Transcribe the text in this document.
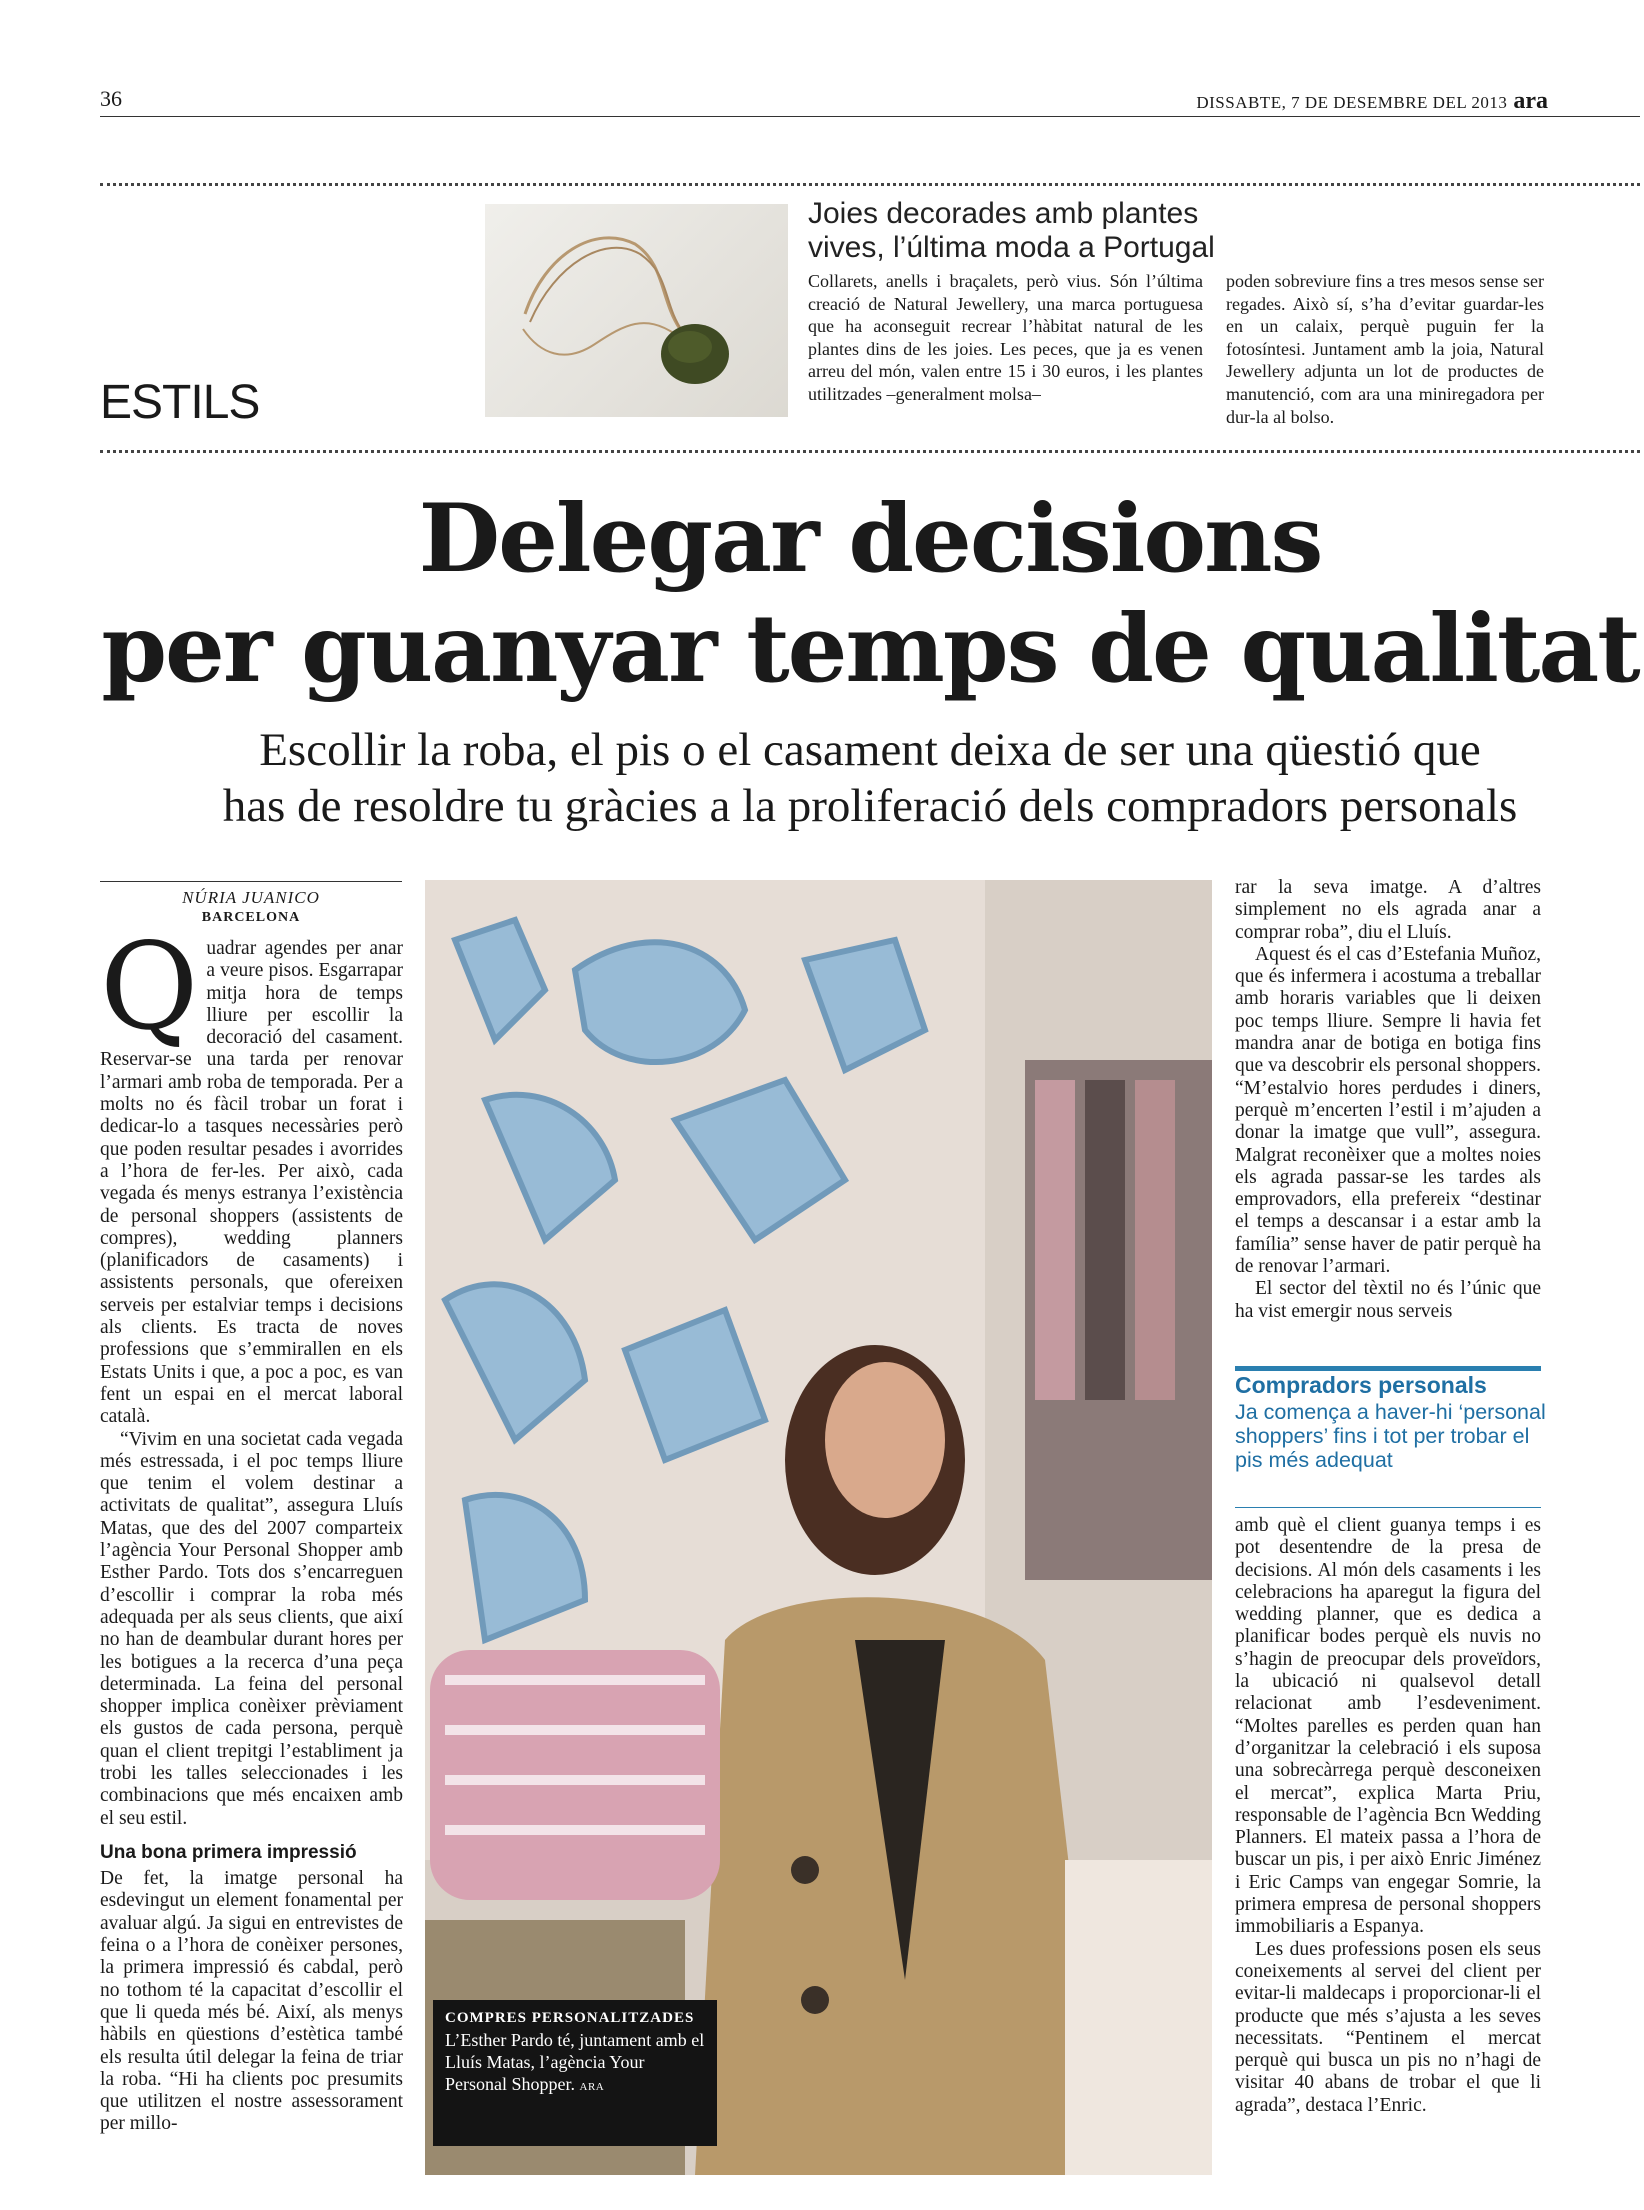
36	DISSABTE, 7 DE DESEMBRE DEL 2013 ara
ESTILS
Joies decorades amb plantes vives, l’última moda a Portugal
Collarets, anells i braçalets, però vius. Són l’última creació de Natural Jewellery, una marca portuguesa que ha aconseguit recrear l’hàbitat natural de les plantes dins de les joies. Les peces, que ja es venen arreu del món, valen entre 15 i 30 euros, i les plantes utilitzades –generalment molsa–
poden sobreviure fins a tres mesos sense ser regades. Això sí, s’ha d’evitar guardar-les en un calaix, perquè puguin fer la fotosíntesi. Juntament amb la joia, Natural Jewellery adjunta un lot de productes de manutenció, com ara una miniregadora per dur-la al bolso.
Delegar decisions
per guanyar temps de qualitat
Escollir la roba, el pis o el casament deixa de ser una qüestió que
has de resoldre tu gràcies a la proliferació dels compradors personals
NÚRIA JUANICO
BARCELONA

Quadrar agendes per anar a veure pisos. Esgarrapar mitja hora de temps lliure per escollir la decoració del casament. Reservar-se una tarda per renovar l’armari amb roba de temporada. Per a molts no és fàcil trobar un forat i dedicar-lo a tasques necessàries però que poden resultar pesades i avorrides a l’hora de fer-les. Per això, cada vegada és menys estranya l’existència de personal shoppers (assistents de compres), wedding planners (planificadors de casaments) i assistents personals, que ofereixen serveis per estalviar temps i decisions als clients. Es tracta de noves professions que s’emmirallen en els Estats Units i que, a poc a poc, es van fent un espai en el mercat laboral català.

“Vivim en una societat cada vegada més estressada, i el poc temps lliure que tenim el volem destinar a activitats de qualitat”, assegura Lluís Matas, que des del 2007 comparteix l’agència Your Personal Shopper amb Esther Pardo. Tots dos s’encarreguen d’escollir i comprar la roba més adequada per als seus clients, que així no han de deambular durant hores per les botigues a la recerca d’una peça determinada. La feina del personal shopper implica conèixer prèviament els gustos de cada persona, perquè quan el client trepitgi l’establiment ja trobi les talles seleccionades i les combinacions que més encaixen amb el seu estil.

Una bona primera impressió

De fet, la imatge personal ha esdevingut un element fonamental per avaluar algú. Ja sigui en entrevistes de feina o a l’hora de conèixer persones, la primera impressió és cabdal, però no tothom té la capacitat d’escollir el que li queda més bé. Així, als menys hàbils en qüestions d’estètica també els resulta útil delegar la feina de triar la roba. “Hi ha clients poc presumits que utilitzen el nostre assessorament per millo-

COMPRES PERSONALITZADES
L’Esther Pardo té, juntament amb el Lluís Matas, l’agència Your Personal Shopper. ARA

rar la seva imatge. A d’altres simplement no els agrada anar a comprar roba”, diu el Lluís.

Aquest és el cas d’Estefania Muñoz, que és infermera i acostuma a treballar amb horaris variables que li deixen poc temps lliure. Sempre li havia fet mandra anar de botiga en botiga fins que va descobrir els personal shoppers. “M’estalvio hores perdudes i diners, perquè m’encerten l’estil i m’ajuden a donar la imatge que vull”, assegura. Malgrat reconèixer que a moltes noies els agrada passar-se les tardes als emprovadors, ella prefereix “destinar el temps a descansar i a estar amb la família” sense haver de patir perquè ha de renovar l’armari.

El sector del tèxtil no és l’únic que ha vist emergir nous serveis

Compradors personals
Ja comença a haver-hi ‘personal shoppers’ fins i tot per trobar el pis més adequat

amb què el client guanya temps i es pot desentendre de la presa de decisions. Al món dels casaments i les celebracions ha aparegut la figura del wedding planner, que es dedica a planificar bodes perquè els nuvis no s’hagin de preocupar dels proveïdors, la ubicació ni qualsevol detall relacionat amb l’esdeveniment. “Moltes parelles es perden quan han d’organitzar la celebració i els suposa una sobrecàrrega perquè desconeixen el mercat”, explica Marta Priu, responsable de l’agència Bcn Wedding Planners. El mateix passa a l’hora de buscar un pis, i per això Enric Jiménez i Eric Camps van engegar Somrie, la primera empresa de personal shoppers immobiliaris a Espanya.

Les dues professions posen els seus coneixements al servei del client per evitar-li maldecaps i proporcionar-li el producte que més s’ajusta a les seves necessitats. “Pentinem el mercat perquè qui busca un pis no n’hagi de visitar 40 abans de trobar el que li agrada”, destaca l’Enric.
